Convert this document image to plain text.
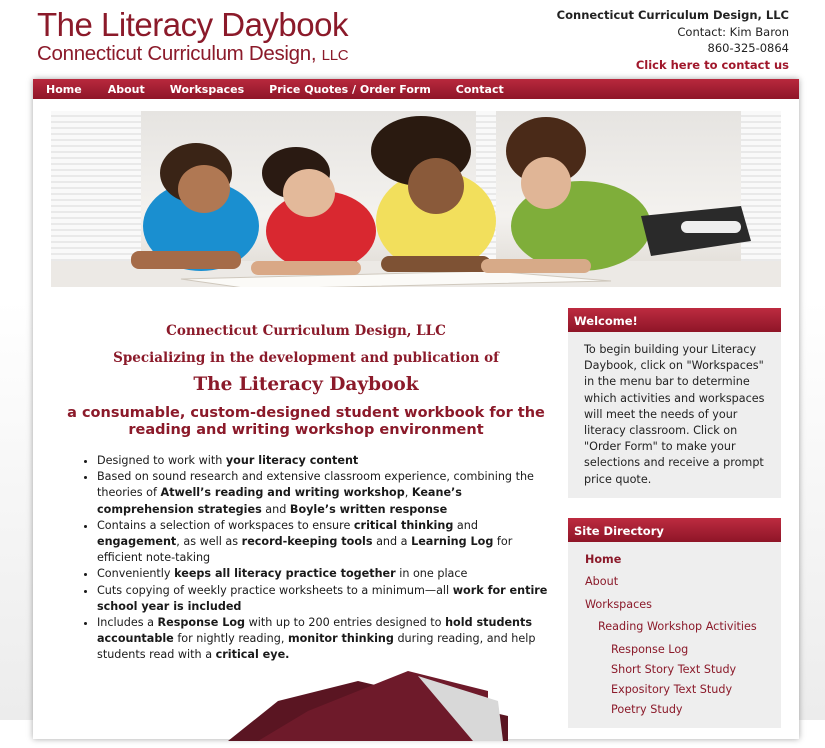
The Literacy Daybook
Connecticut Curriculum Design, LLC
Connecticut Curriculum Design, LLC
Contact: Kim Baron
860-325-0864
Click here to contact us
Home About Workspaces Price Quotes / Order Form Contact
Connecticut Curriculum Design, LLC
Specializing in the development and publication of
The Literacy Daybook
a consumable, custom-designed student workbook for the reading and writing workshop environment
• Designed to work with your literacy content
• Based on sound research and extensive classroom experience, combining the theories of Atwell’s reading and writing workshop, Keane’s comprehension strategies and Boyle’s written response
• Contains a selection of workspaces to ensure critical thinking and engagement, as well as record-keeping tools and a Learning Log for efficient note-taking
• Conveniently keeps all literacy practice together in one place
• Cuts copying of weekly practice worksheets to a minimum—all work for entire school year is included
• Includes a Response Log with up to 200 entries designed to hold students accountable for nightly reading, monitor thinking during reading, and help students read with a critical eye.
Welcome!
To begin building your Literacy Daybook, click on "Workspaces" in the menu bar to determine which activities and workspaces will meet the needs of your literacy classroom. Click on "Order Form" to make your selections and receive a prompt price quote.
Site Directory
Home
About
Workspaces
Reading Workshop Activities
Response Log
Short Story Text Study
Expository Text Study
Poetry Study
